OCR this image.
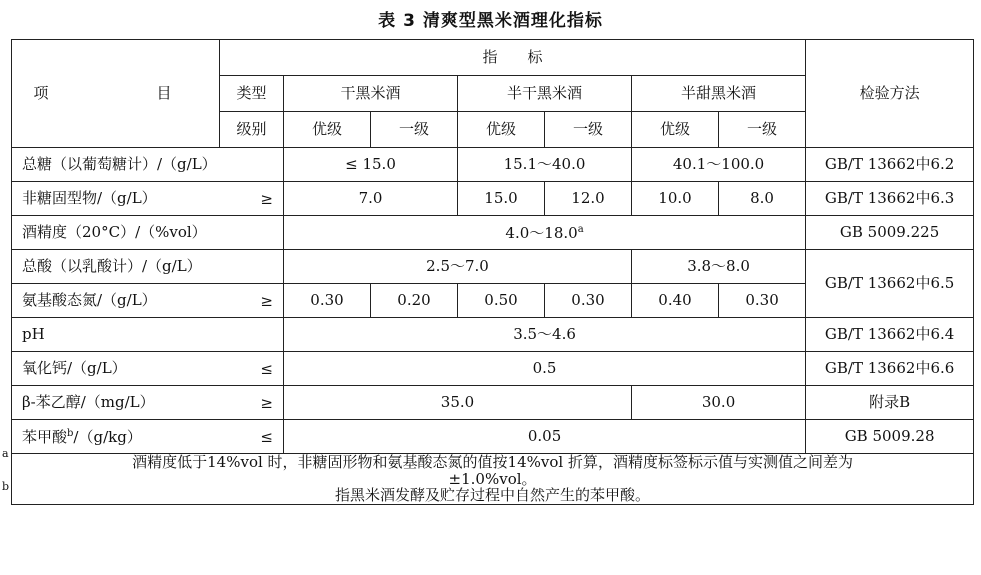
表 3 清爽型黑米酒理化指标
项　　目	指　　标							检验方法
	类型	干黑米酒		半干黑米酒		半甜黑米酒		
	级别	优级	一级	优级	一级	优级	一级	
总糖（以葡萄糖计）/（g/L）		≤ 15.0		15.1～40.0		40.1～100.0		GB/T 13662中6.2
非糖固型物/（g/L） ≥		7.0		15.0	12.0	10.0	8.0	GB/T 13662中6.3
酒精度（20°C）/（%vol）		4.0～18.0$^a$						GB 5009.225
总酸（以乳酸计）/（g/L）		2.5～7.0				3.8～8.0		GB/T 13662中6.5
氨基酸态氮/（g/L） ≥		0.30	0.20	0.50	0.30	0.40	0.30	
pH		3.5～4.6						GB/T 13662中6.4
氧化钙/（g/L） ≤		0.5						GB/T 13662中6.6
β-苯乙醇/（mg/L） ≥		35.0				30.0		附录B
苯甲酸$^b$/（g/kg） ≤		0.05						GB 5009.28

a 酒精度低于14%vol 时，非糖固形物和氨基酸态氮的值按14%vol 折算，酒精度标签标示值与实测值之间差为
±1.0%vol。
b 指黑米酒发酵及贮存过程中自然产生的苯甲酸。								
